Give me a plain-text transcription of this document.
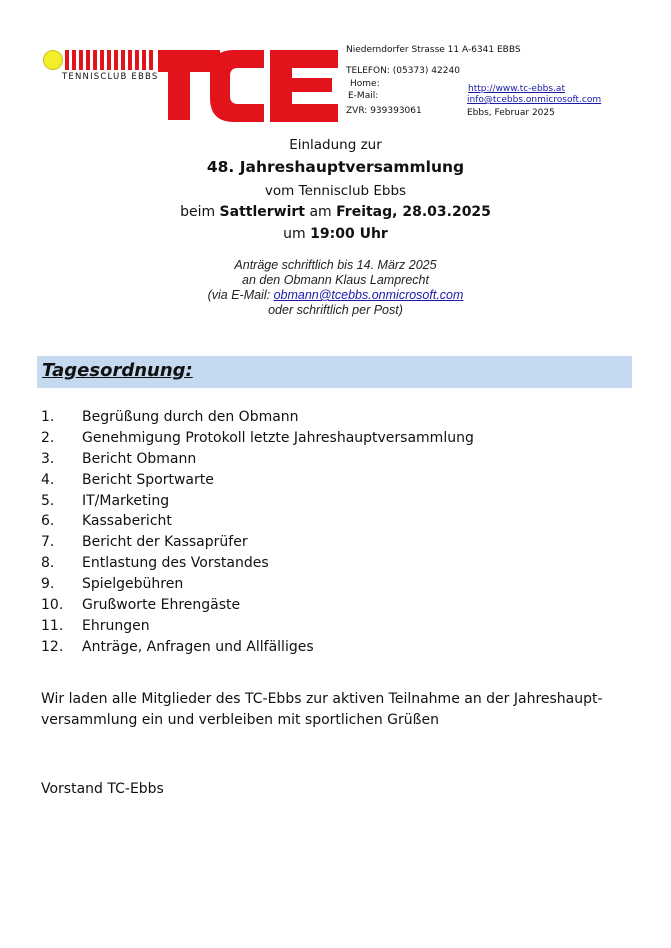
TENNISCLUB EBBS
Niederndorfer Strasse 11 A-6341 EBBS
TELEFON: (05373) 42240
Home:
E-Mail:
ZVR: 939393061
http://www.tc-ebbs.at
info@tcebbs.onmicrosoft.com
Ebbs, Februar 2025
Einladung zur
48. Jahreshauptversammlung
vom Tennisclub Ebbs
beim Sattlerwirt am Freitag, 28.03.2025
um 19:00 Uhr
Anträge schriftlich bis 14. März 2025
an den Obmann Klaus Lamprecht
(via E-Mail: obmann@tcebbs.onmicrosoft.com
oder schriftlich per Post)
Tagesordnung:
1.	Begrüßung durch den Obmann
2.	Genehmigung Protokoll letzte Jahreshauptversammlung
3.	Bericht Obmann
4.	Bericht Sportwarte
5.	IT/Marketing
6.	Kassabericht
7.	Bericht der Kassaprüfer
8.	Entlastung des Vorstandes
9.	Spielgebühren
10.	Grußworte Ehrengäste
11.	Ehrungen
12.	Anträge, Anfragen und Allfälliges
Wir laden alle Mitglieder des TC-Ebbs zur aktiven Teilnahme an der Jahreshaupt-
versammlung ein und verbleiben mit sportlichen Grüßen
Vorstand TC-Ebbs
